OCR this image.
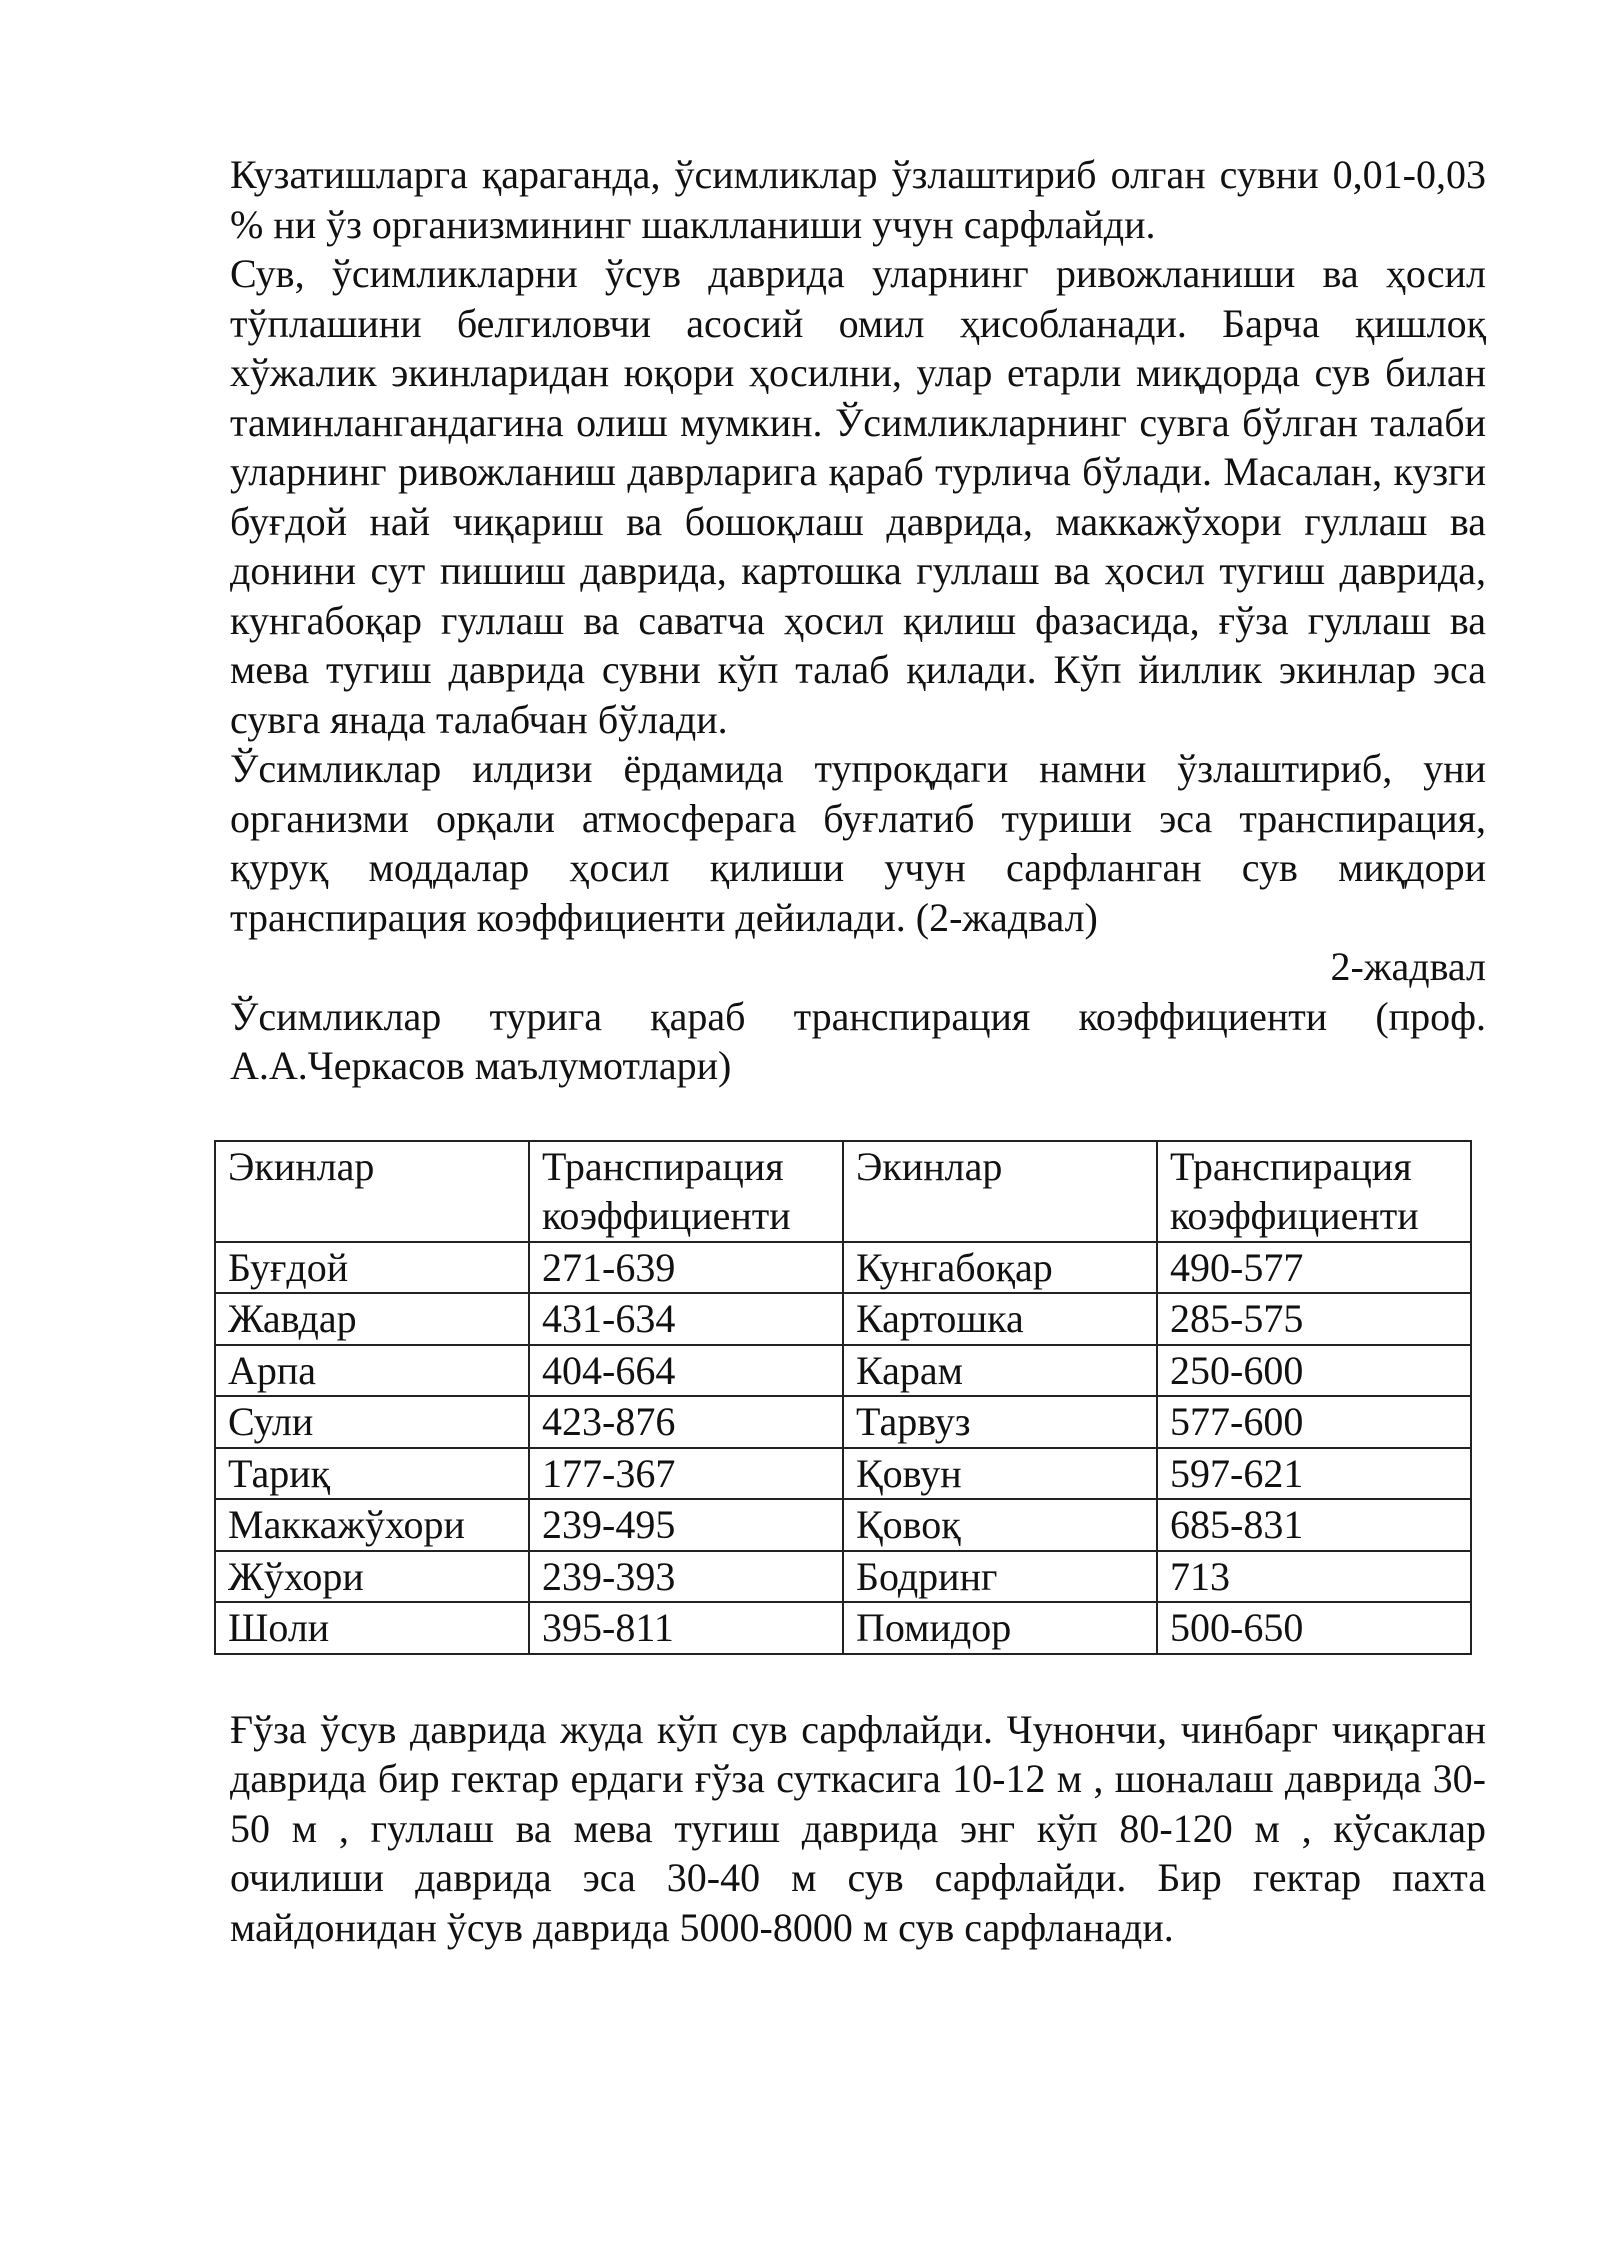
Кузатишларга қараганда, ўсимликлар ўзлаштириб олган сувни 0,01-0,03 % ни ўз организмининг шаклланиши учун сарфлайди.

Сув, ўсимликларни ўсув даврида уларнинг ривожланиши ва ҳосил тўплашини белгиловчи асосий омил ҳисобланади. Барча қишлоқ хўжалик экинларидан юқори ҳосилни, улар етарли миқдорда сув билан таминлангандагина олиш мумкин. Ўсимликларнинг сувга бўлган талаби уларнинг ривожланиш даврларига қараб турлича бўлади. Масалан, кузги буғдой най чиқариш ва бошоқлаш даврида, маккажўхори гуллаш ва донини сут пишиш даврида, картошка гуллаш ва ҳосил тугиш даврида, кунгабоқар гуллаш ва саватча ҳосил қилиш фазасида, ғўза гуллаш ва мева тугиш даврида сувни кўп талаб қилади. Кўп йиллик экинлар эса сувга янада талабчан бўлади.

Ўсимликлар илдизи ёрдамида тупроқдаги намни ўзлаштириб, уни организми орқали атмосферага буғлатиб туриши эса транспирация, қуруқ моддалар ҳосил қилиши учун сарфланган сув миқдори транспирация коэффициенти дейилади. (2-жадвал)

2-жадвал

Ўсимликлар турига қараб транспирация коэффициенти (проф. А.А.Черкасов маълумотлари)

Экинлар	Транспирация коэффициенти	Экинлар	Транспирация коэффициенти
Буғдой	271-639	Кунгабоқар	490-577
Жавдар	431-634	Картошка	285-575
Арпа	404-664	Карам	250-600
Сули	423-876	Тарвуз	577-600
Тариқ	177-367	Қовун	597-621
Маккажўхори	239-495	Қовоқ	685-831
Жўхори	239-393	Бодринг	713
Шоли	395-811	Помидор	500-650

Ғўза ўсув даврида жуда кўп сув сарфлайди. Чунончи, чинбарг чиқарган даврида бир гектар ердаги ғўза суткасига 10-12 м , шоналаш даврида 30-50 м , гуллаш ва мева тугиш даврида энг кўп 80-120 м , кўсаклар очилиши даврида эса 30-40 м сув сарфлайди. Бир гектар пахта майдонидан ўсув даврида 5000-8000 м сув сарфланади.
